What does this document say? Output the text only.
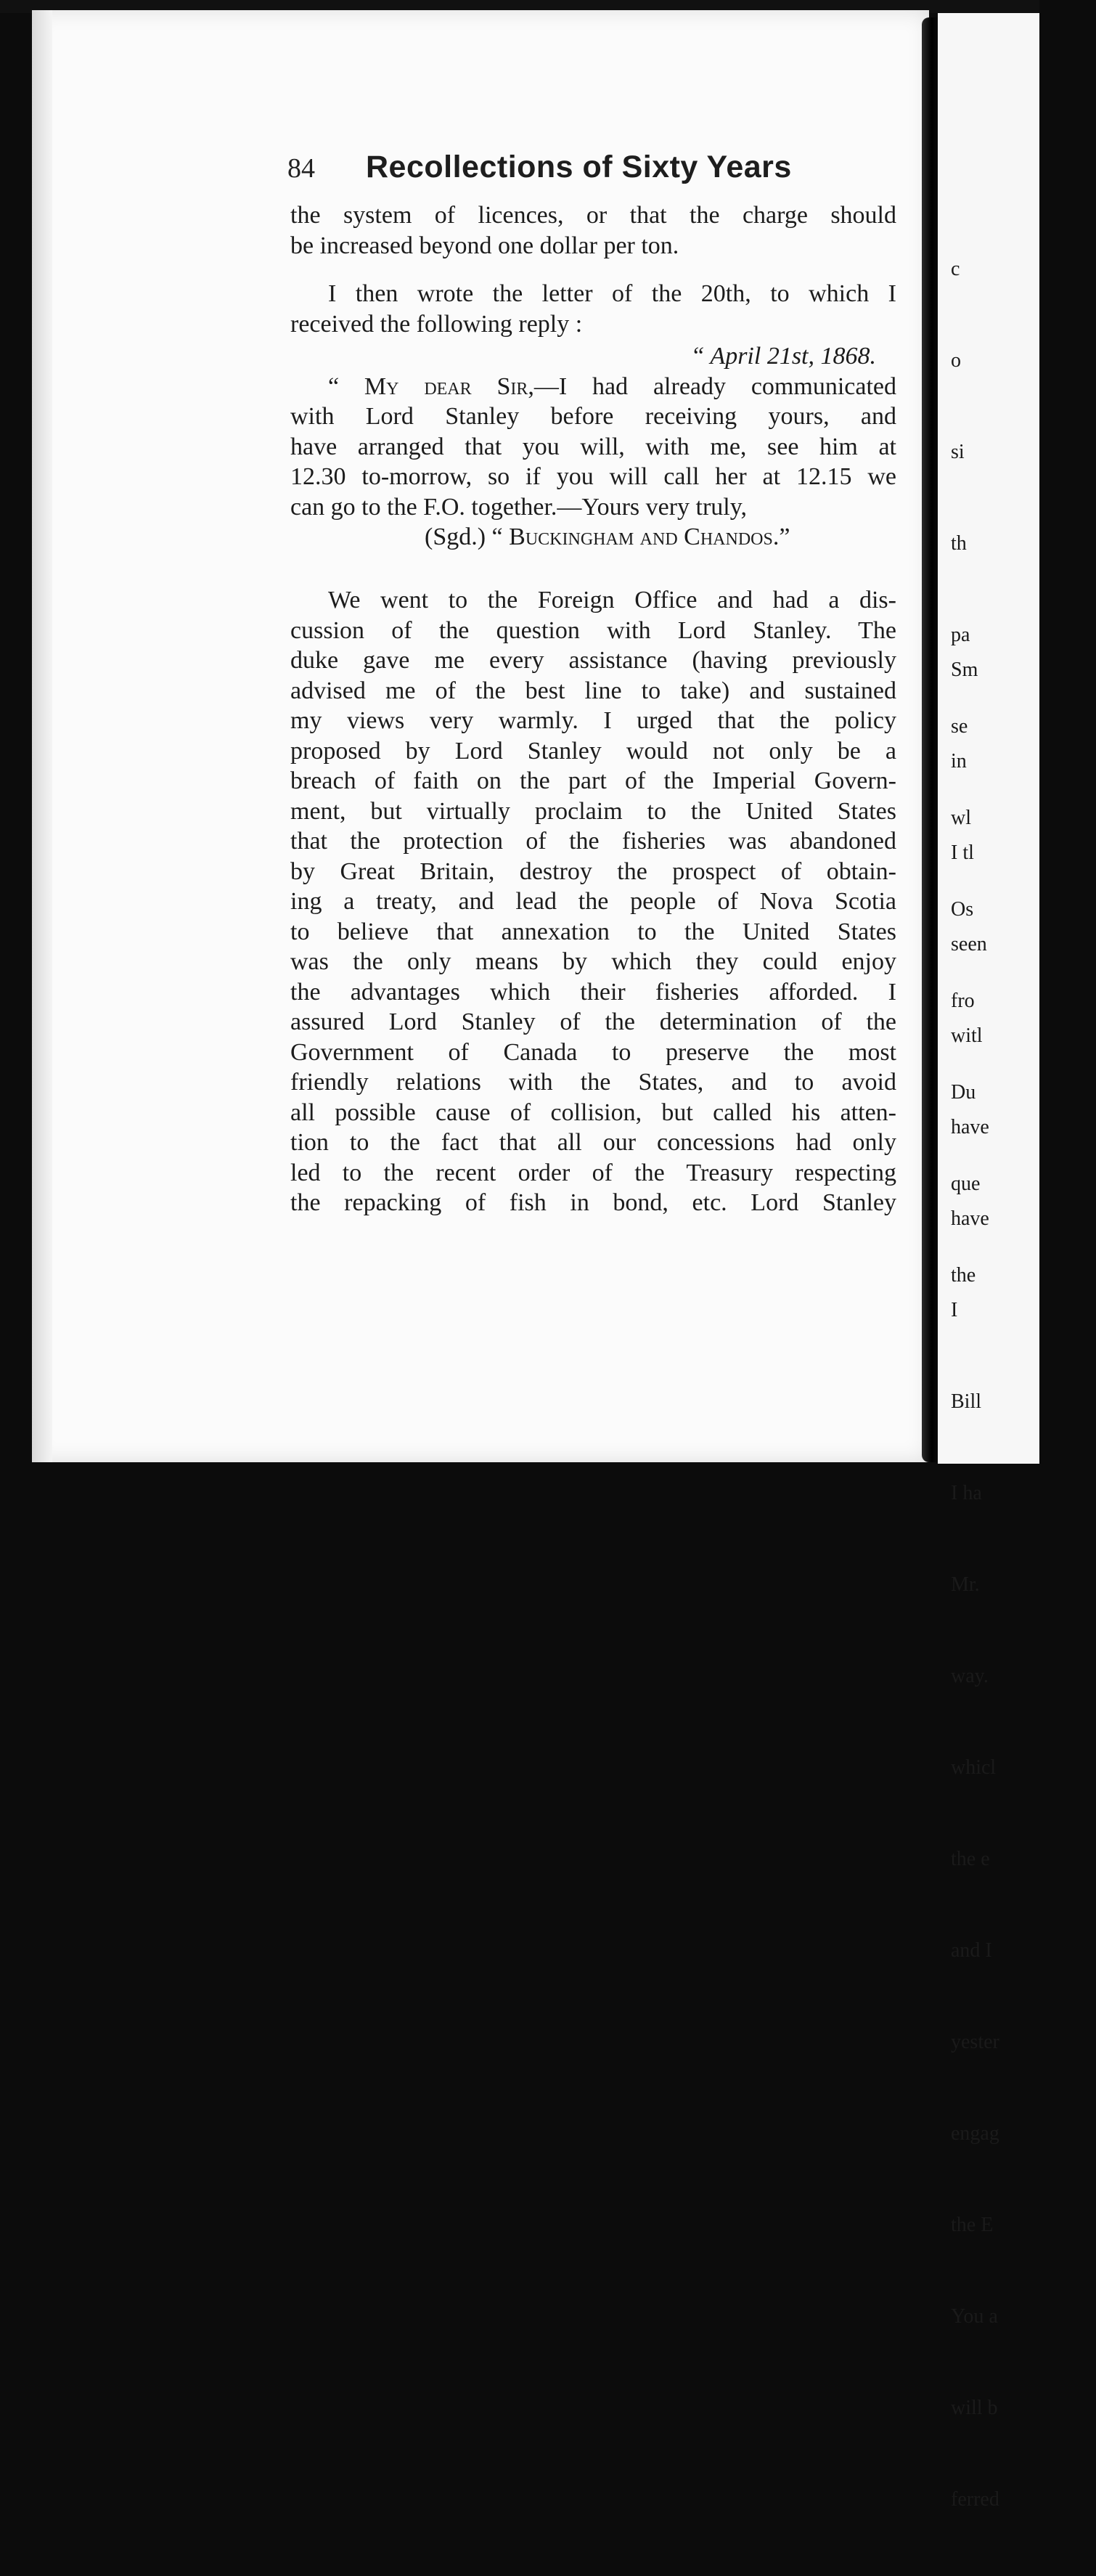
c

o

si

th

pa

se

wl

Os

fro

Du

que

the

Sm

in

I tl

seen

witl

have

have

I

Bill

I ha

Mr.

way.

whicl

the e

and I

yester

engag

the E

You a

will b

ferred

84 Recollections of Sixty Years
the system of licences, or that the charge should
be increased beyond one dollar per ton.
I then wrote the letter of the 20th, to which I
received the following reply :
“ April 21st, 1868.
“ My dear Sir,—I had already communicated
with Lord Stanley before receiving yours, and
have arranged that you will, with me, see him at
12.30 to-morrow, so if you will call her at 12.15 we
can go to the F.O. together.—Yours very truly,
(Sgd.) “ Buckingham and Chandos.”
We went to the Foreign Office and had a dis-
cussion of the question with Lord Stanley. The
duke gave me every assistance (having previously
advised me of the best line to take) and sustained
my views very warmly. I urged that the policy
proposed by Lord Stanley would not only be a
breach of faith on the part of the Imperial Govern-
ment, but virtually proclaim to the United States
that the protection of the fisheries was abandoned
by Great Britain, destroy the prospect of obtain-
ing a treaty, and lead the people of Nova Scotia
to believe that annexation to the United States
was the only means by which they could enjoy
the advantages which their fisheries afforded. I
assured Lord Stanley of the determination of the
Government of Canada to preserve the most
friendly relations with the States, and to avoid
all possible cause of collision, but called his atten-
tion to the fact that all our concessions had only
led to the recent order of the Treasury respecting
the repacking of fish in bond, etc. Lord Stanley
